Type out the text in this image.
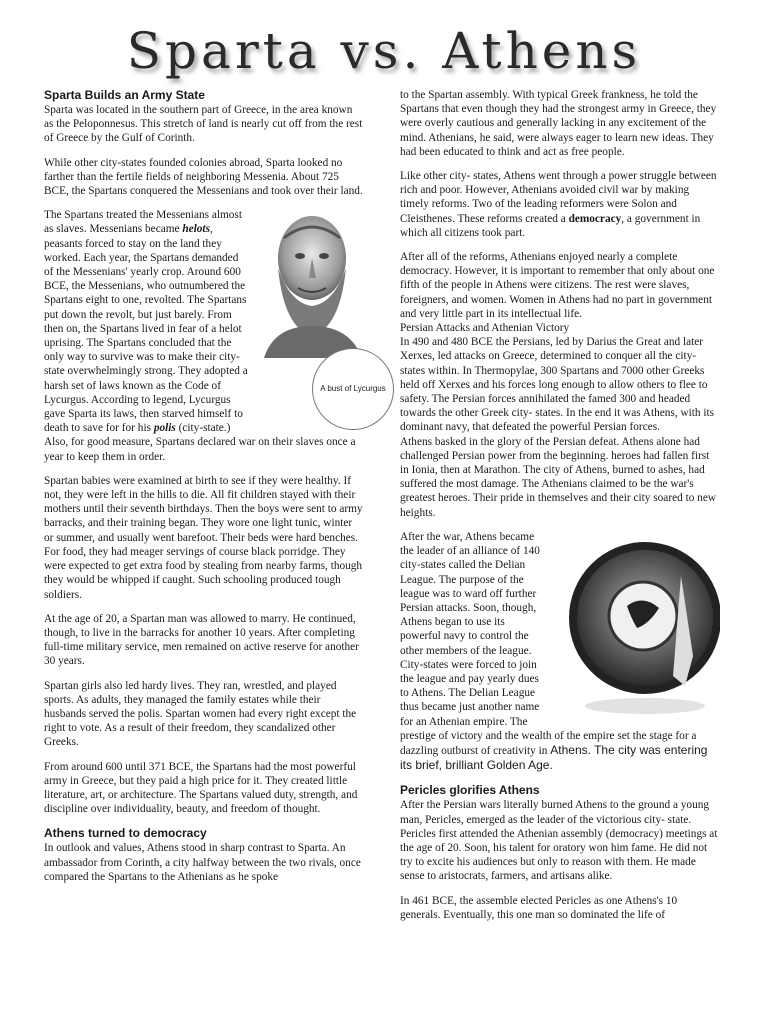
Sparta vs. Athens
Sparta Builds an Army State

Sparta was located in the southern part of Greece, in the area known as the Peloponnesus. This stretch of land is nearly cut off from the rest of Greece by the Gulf of Corinth.

While other city-states founded colonies abroad, Sparta looked no farther than the fertile fields of neighboring Messenia. About 725 BCE, the Spartans conquered the Messenians and took over their land.

A bust of Lycurgus
The Spartans treated the Messenians almost as slaves. Messenians became helots, peasants forced to stay on the land they worked. Each year, the Spartans demanded of the Messenians' yearly crop. Around 600 BCE, the Messenians, who outnumbered the Spartans eight to one, revolted. The Spartans put down the revolt, but just barely. From then on, the Spartans lived in fear of a helot uprising. The Spartans concluded that the only way to survive was to make their city-state overwhelmingly strong. They adopted a harsh set of laws known as the Code of Lycurgus. According to legend, Lycurgus gave Sparta its laws, then starved himself to death to save for for his polis (city-state.) Also, for good measure, Spartans declared war on their slaves once a year to keep them in order.

Spartan babies were examined at birth to see if they were healthy. If not, they were left in the hills to die. All fit children stayed with their mothers until their seventh birthdays. Then the boys were sent to army barracks, and their training began. They wore one light tunic, winter or summer, and usually went barefoot. Their beds were hard benches. For food, they had meager servings of course black porridge. They were expected to get extra food by stealing from nearby farms, though they would be whipped if caught. Such schooling produced tough soldiers.

At the age of 20, a Spartan man was allowed to marry. He continued, though, to live in the barracks for another 10 years. After completing full-time military service, men remained on active reserve for another 30 years.

Spartan girls also led hardy lives. They ran, wrestled, and played sports. As adults, they managed the family estates while their husbands served the polis. Spartan women had every right except the right to vote. As a result of their freedom, they scandalized other Greeks.

From around 600 until 371 BCE, the Spartans had the most powerful army in Greece, but they paid a high price for it. They created little literature, art, or architecture. The Spartans valued duty, strength, and discipline over individuality, beauty, and freedom of thought.

Athens turned to democracy

In outlook and values, Athens stood in sharp contrast to Sparta. An ambassador from Corinth, a city halfway between the two rivals, once compared the Spartans to the Athenians as he spoke

to the Spartan assembly. With typical Greek frankness, he told the Spartans that even though they had the strongest army in Greece, they were overly cautious and generally lacking in any excitement of the mind. Athenians, he said, were always eager to learn new ideas. They had been educated to think and act as free people.

Like other city- states, Athens went through a power struggle between rich and poor. However, Athenians avoided civil war by making timely reforms. Two of the leading reformers were Solon and Cleisthenes. These reforms created a democracy, a government in which all citizens took part.

After all of the reforms, Athenians enjoyed nearly a complete democracy. However, it is important to remember that only about one fifth of the people in Athens were citizens. The rest were slaves, foreigners, and women. Women in Athens had no part in government and very little part in its intellectual life.

Persian Attacks and Athenian Victory

In 490 and 480 BCE the Persians, led by Darius the Great and later Xerxes, led attacks on Greece, determined to conquer all the city-states within. In Thermopylae, 300 Spartans and 7000 other Greeks held off Xerxes and his forces long enough to allow others to flee to safety. The Persian forces annihilated the famed 300 and headed towards the other Greek city- states. In the end it was Athens, with its dominant navy, that defeated the powerful Persian forces.

Athens basked in the glory of the Persian defeat. Athens alone had challenged Persian power from the beginning. heroes had fallen first in Ionia, then at Marathon. The city of Athens, burned to ashes, had suffered the most damage. The Athenians claimed to be the war's greatest heroes. Their pride in themselves and their city soared to new heights.

After the war, Athens became the leader of an alliance of 140 city-states called the Delian League. The purpose of the league was to ward off further Persian attacks. Soon, though, Athens began to use its powerful navy to control the other members of the league. City-states were forced to join the league and pay yearly dues to Athens. The Delian League thus became just another name for an Athenian empire. The prestige of victory and the wealth of the empire set the stage for a dazzling outburst of creativity in Athens. The city was entering its brief, brilliant Golden Age.

Pericles glorifies Athens

After the Persian wars literally burned Athens to the ground a young man, Pericles, emerged as the leader of the victorious city- state. Pericles first attended the Athenian assembly (democracy) meetings at the age of 20. Soon, his talent for oratory won him fame. He did not try to excite his audiences but only to reason with them. He made sense to aristocrats, farmers, and artisans alike.

In 461 BCE, the assemble elected Pericles as one Athens's 10 generals. Eventually, this one man so dominated the life of
